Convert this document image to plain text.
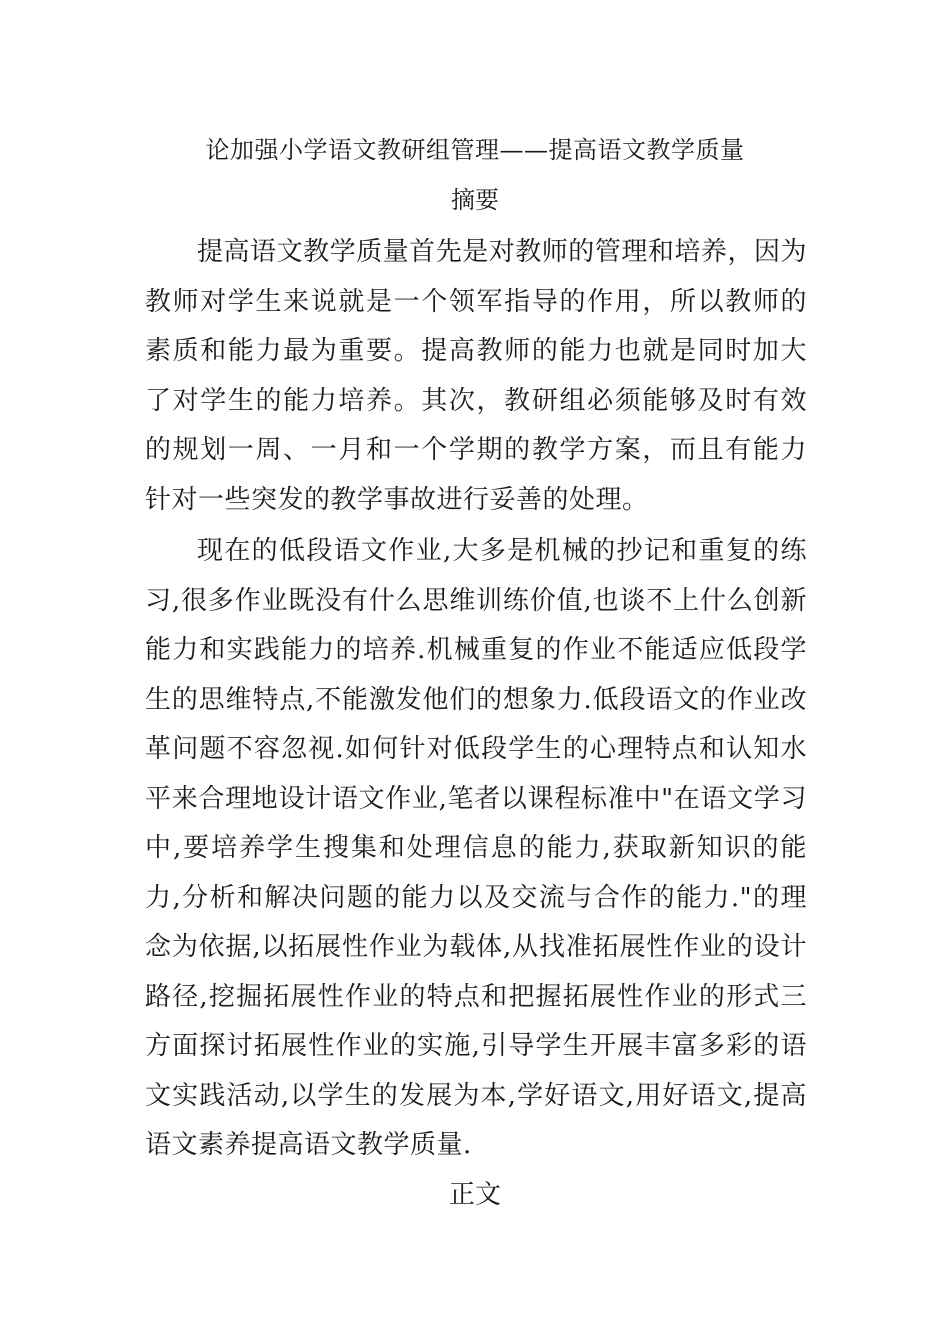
论加强小学语文教研组管理——提高语文教学质量
摘要

提高语文教学质量首先是对教师的管理和培养，因为教师对学生来说就是一个领军指导的作用，所以教师的素质和能力最为重要。提高教师的能力也就是同时加大了对学生的能力培养。其次，教研组必须能够及时有效的规划一周、一月和一个学期的教学方案，而且有能力针对一些突发的教学事故进行妥善的处理。

现在的低段语文作业,大多是机械的抄记和重复的练习,很多作业既没有什么思维训练价值,也谈不上什么创新能力和实践能力的培养.机械重复的作业不能适应低段学生的思维特点,不能激发他们的想象力.低段语文的作业改革问题不容忽视.如何针对低段学生的心理特点和认知水平来合理地设计语文作业,笔者以课程标准中"在语文学习中,要培养学生搜集和处理信息的能力,获取新知识的能力,分析和解决问题的能力以及交流与合作的能力."的理念为依据,以拓展性作业为载体,从找准拓展性作业的设计路径,挖掘拓展性作业的特点和把握拓展性作业的形式三方面探讨拓展性作业的实施,引导学生开展丰富多彩的语文实践活动,以学生的发展为本,学好语文,用好语文,提高语文素养提高语文教学质量.

正文
